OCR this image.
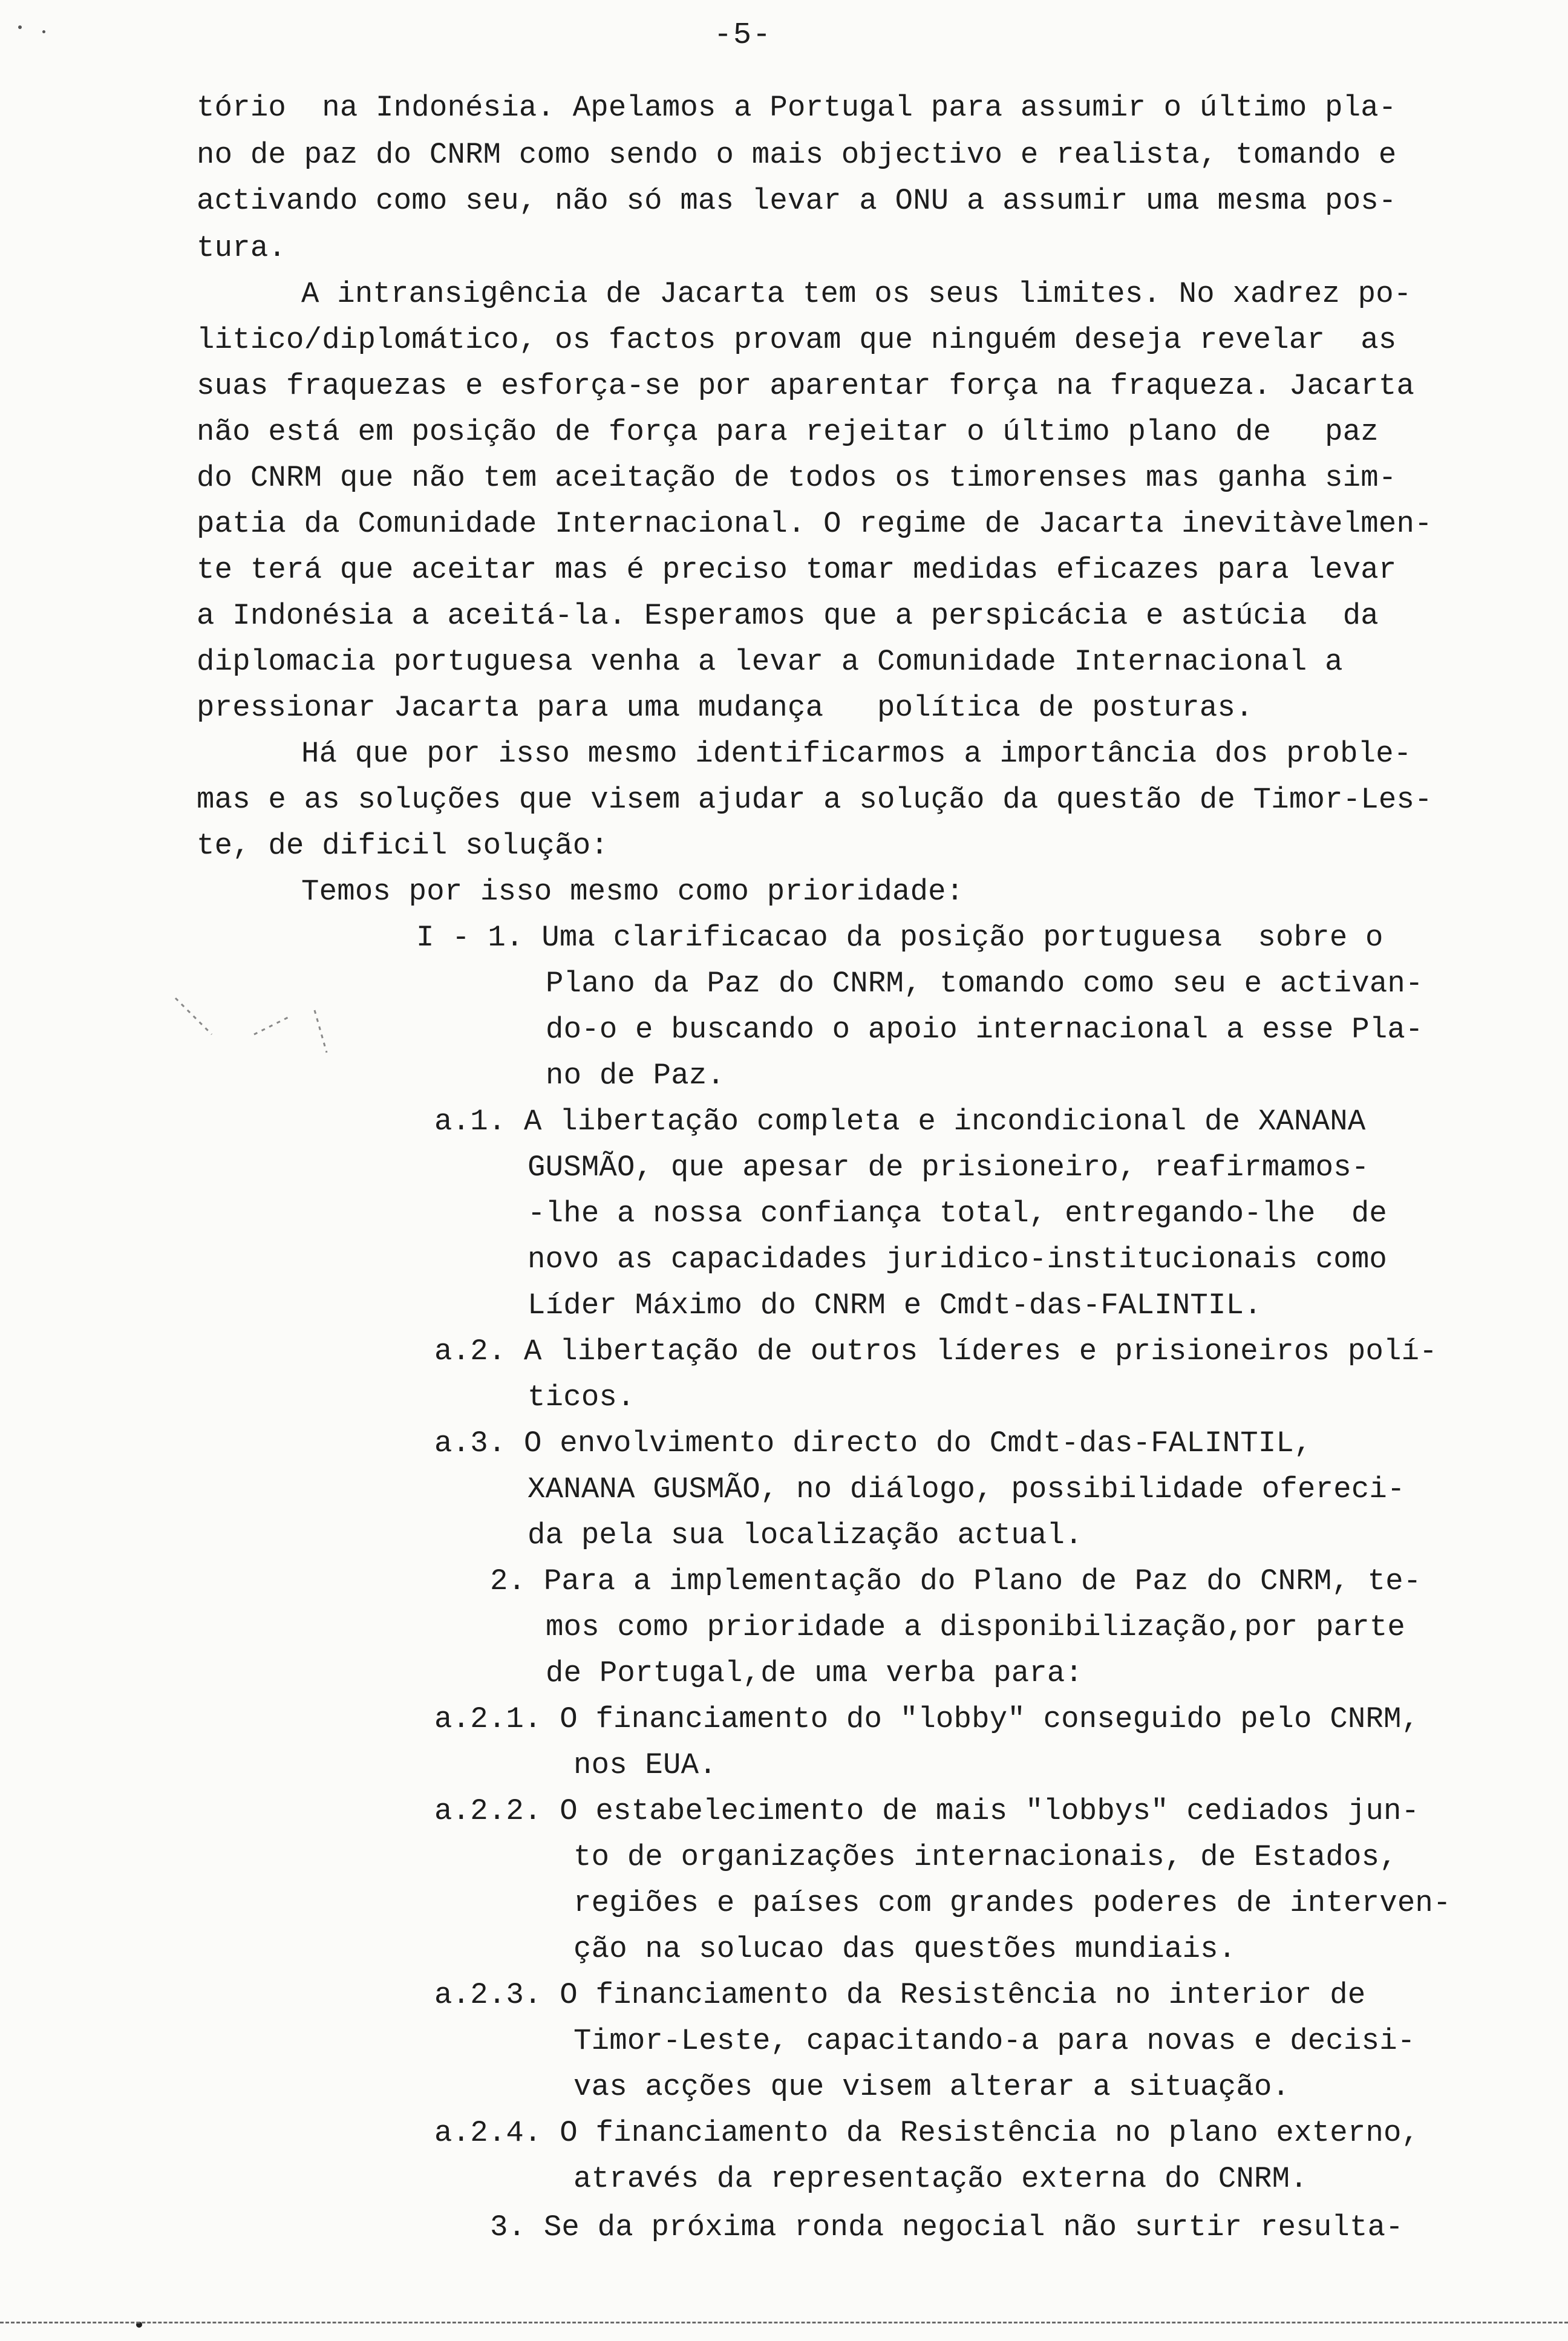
-5-
tório  na Indonésia. Apelamos a Portugal para assumir o último pla-
no de paz do CNRM como sendo o mais objectivo e realista, tomando e
activando como seu, não só mas levar a ONU a assumir uma mesma pos-
tura.
A intransigência de Jacarta tem os seus limites. No xadrez po-
litico/diplomático, os factos provam que ninguém deseja revelar  as
suas fraquezas e esforça-se por aparentar força na fraqueza. Jacarta
não está em posição de força para rejeitar o último plano de   paz
do CNRM que não tem aceitação de todos os timorenses mas ganha sim-
patia da Comunidade Internacional. O regime de Jacarta inevitàvelmen-
te terá que aceitar mas é preciso tomar medidas eficazes para levar
a Indonésia a aceitá-la. Esperamos que a perspicácia e astúcia  da
diplomacia portuguesa venha a levar a Comunidade Internacional a
pressionar Jacarta para uma mudança   política de posturas.
Há que por isso mesmo identificarmos a importância dos proble-
mas e as soluções que visem ajudar a solução da questão de Timor-Les-
te, de dificil solução:
Temos por isso mesmo como prioridade:
I - 1. Uma clarificacao da posição portuguesa  sobre o
Plano da Paz do CNRM, tomando como seu e activan-
do-o e buscando o apoio internacional a esse Pla-
no de Paz.
a.1. A libertação completa e incondicional de XANANA
GUSMÃO, que apesar de prisioneiro, reafirmamos-
-lhe a nossa confiança total, entregando-lhe  de
novo as capacidades juridico-institucionais como
Líder Máximo do CNRM e Cmdt-das-FALINTIL.
a.2. A libertação de outros líderes e prisioneiros polí-
ticos.
a.3. O envolvimento directo do Cmdt-das-FALINTIL,
XANANA GUSMÃO, no diálogo, possibilidade ofereci-
da pela sua localização actual.
2. Para a implementação do Plano de Paz do CNRM, te-
mos como prioridade a disponibilização,por parte
de Portugal,de uma verba para:
a.2.1. O financiamento do "lobby" conseguido pelo CNRM,
nos EUA.
a.2.2. O estabelecimento de mais "lobbys" cediados jun-
to de organizações internacionais, de Estados,
regiões e países com grandes poderes de interven-
ção na solucao das questões mundiais.
a.2.3. O financiamento da Resistência no interior de
Timor-Leste, capacitando-a para novas e decisi-
vas acções que visem alterar a situação.
a.2.4. O financiamento da Resistência no plano externo,
através da representação externa do CNRM.
3. Se da próxima ronda negocial não surtir resulta-
